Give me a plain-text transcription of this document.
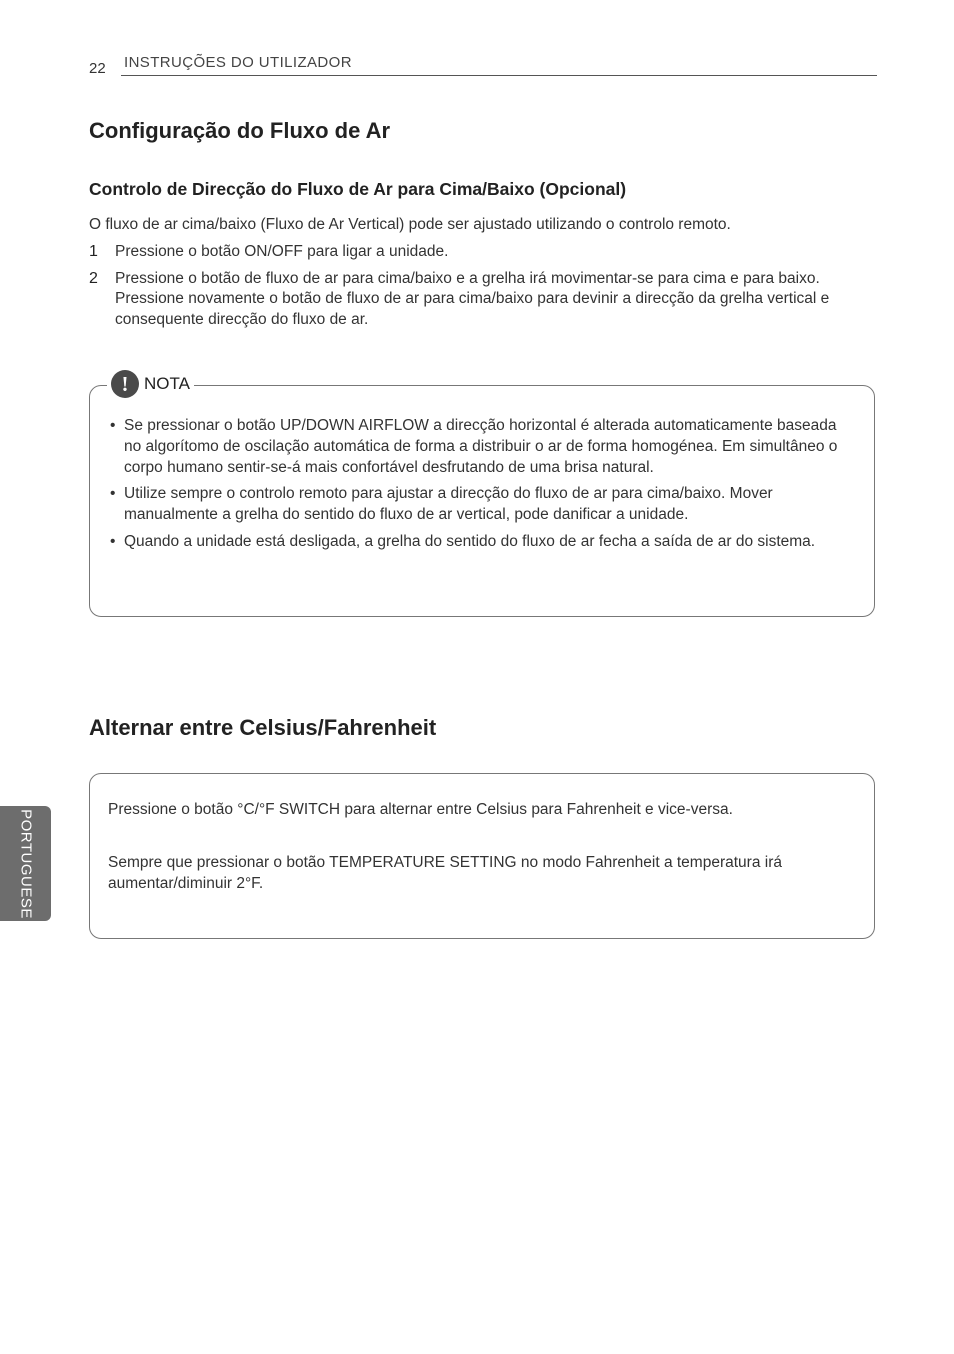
22 INSTRUÇÕES DO UTILIZADOR
Configuração do Fluxo de Ar
Controlo de Direcção do Fluxo de Ar para Cima/Baixo (Opcional)

O fluxo de ar cima/baixo (Fluxo de Ar Vertical) pode ser ajustado utilizando o controlo remoto.

1 Pressione o botão ON/OFF para ligar a unidade.
2 Pressione o botão de fluxo de ar para cima/baixo e a grelha irá movimentar-se para cima e para baixo. Pressione novamente o botão de fluxo de ar para cima/baixo para devinir a direcção da grelha vertical e consequente direcção do fluxo de ar.
! NOTA
• Se pressionar o botão UP/DOWN AIRFLOW a direcção horizontal é alterada automaticamente baseada no algorítomo de oscilação automática de forma a distribuir o ar de forma homogénea. Em simultâneo o corpo humano sentir-se-á mais confortável desfrutando de uma brisa natural.
• Utilize sempre o controlo remoto para ajustar a direcção do fluxo de ar para cima/baixo. Mover manualmente a grelha do sentido do fluxo de ar vertical, pode danificar a unidade.
• Quando a unidade está desligada, a grelha do sentido do fluxo de ar fecha a saída de ar do sistema.
Alternar entre Celsius/Fahrenheit

Pressione o botão °C/°F SWITCH para alternar entre Celsius para Fahrenheit e vice-versa.

Sempre que pressionar o botão TEMPERATURE SETTING no modo Fahrenheit a temperatura irá aumentar/diminuir 2°F.

PORTUGUESE
